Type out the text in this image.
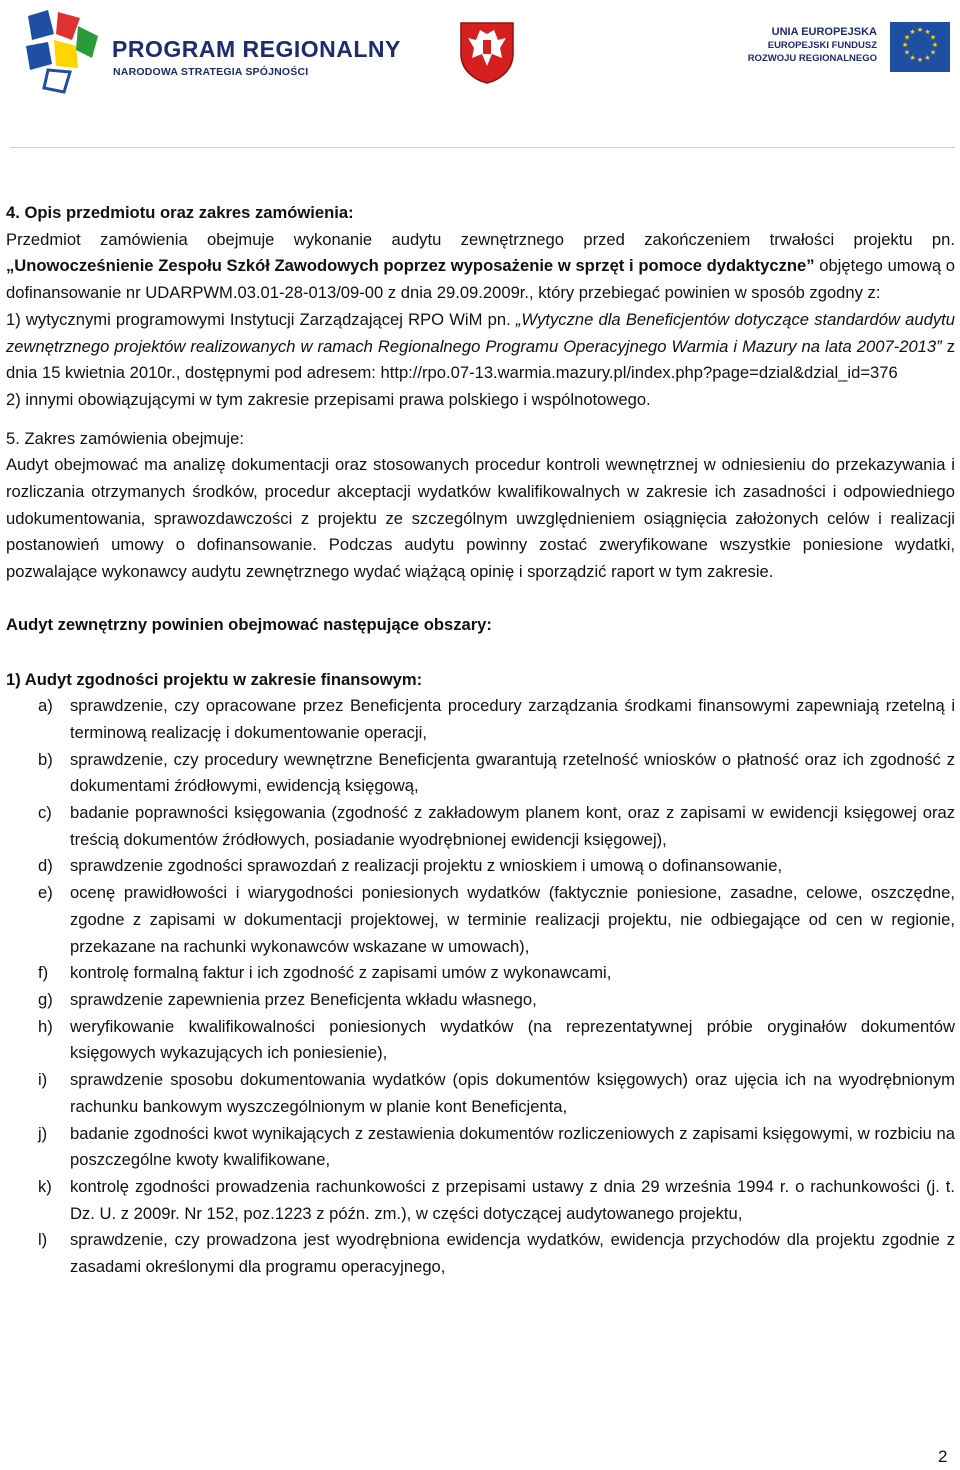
PROGRAM REGIONALNY
NARODOWA STRATEGIA SPÓJNOŚCI
UNIA EUROPEJSKA
EUROPEJSKI FUNDUSZ
ROZWOJU REGIONALNEGO
★ ★
★
★
★
★
★
★
★
★
★
★

4. Opis przedmiotu oraz zakres zamówienia:

Przedmiot zamówienia obejmuje wykonanie audytu zewnętrznego przed zakończeniem trwałości projektu pn. „Unowocześnienie Zespołu Szkół Zawodowych poprzez wyposażenie w sprzęt i pomoce dydaktyczne” objętego umową o dofinansowanie nr UDARPWM.03.01-28-013/09-00 z dnia 29.09.2009r., który przebiegać powinien w sposób zgodny z:

1) wytycznymi programowymi Instytucji Zarządzającej RPO WiM pn. „Wytyczne dla Beneficjentów dotyczące standardów audytu zewnętrznego projektów realizowanych w ramach Regionalnego Programu Operacyjnego Warmia i Mazury na lata 2007-2013” z dnia 15 kwietnia 2010r., dostępnymi pod adresem: http://rpo.07-13.warmia.mazury.pl/index.php?page=dzial&dzial_id=376

2) innymi obowiązującymi w tym zakresie przepisami prawa polskiego i wspólnotowego.

5. Zakres zamówienia obejmuje:

Audyt obejmować ma analizę dokumentacji oraz stosowanych procedur kontroli wewnętrznej w odniesieniu do przekazywania i rozliczania otrzymanych środków, procedur akceptacji wydatków kwalifikowalnych w zakresie ich zasadności i odpowiedniego udokumentowania, sprawozdawczości z projektu ze szczególnym uwzględnieniem osiągnięcia założonych celów i realizacji postanowień umowy o dofinansowanie. Podczas audytu powinny zostać zweryfikowane wszystkie poniesione wydatki, pozwalające wykonawcy audytu zewnętrznego wydać wiążącą opinię i sporządzić raport w tym zakresie.

Audyt zewnętrzny powinien obejmować następujące obszary:

1) Audyt zgodności projektu w zakresie finansowym:

a) sprawdzenie, czy opracowane przez Beneficjenta procedury zarządzania środkami finansowymi zapewniają rzetelną i terminową realizację i dokumentowanie operacji,
b) sprawdzenie, czy procedury wewnętrzne Beneficjenta gwarantują rzetelność wniosków o płatność oraz ich zgodność z dokumentami źródłowymi, ewidencją księgową,
c) badanie poprawności księgowania (zgodność z zakładowym planem kont, oraz z zapisami w ewidencji księgowej oraz treścią dokumentów źródłowych, posiadanie wyodrębnionej ewidencji księgowej),
d) sprawdzenie zgodności sprawozdań z realizacji projektu z wnioskiem i umową o dofinansowanie,
e) ocenę prawidłowości i wiarygodności poniesionych wydatków (faktycznie poniesione, zasadne, celowe, oszczędne, zgodne z zapisami w dokumentacji projektowej, w terminie realizacji projektu, nie odbiegające od cen w regionie, przekazane na rachunki wykonawców wskazane w umowach),
f) kontrolę formalną faktur i ich zgodność z zapisami umów z wykonawcami,
g) sprawdzenie zapewnienia przez Beneficjenta wkładu własnego,
h) weryfikowanie kwalifikowalności poniesionych wydatków (na reprezentatywnej próbie oryginałów dokumentów księgowych wykazujących ich poniesienie),
i) sprawdzenie sposobu dokumentowania wydatków (opis dokumentów księgowych) oraz ujęcia ich na wyodrębnionym rachunku bankowym wyszczególnionym w planie kont Beneficjenta,
j) badanie zgodności kwot wynikających z zestawienia dokumentów rozliczeniowych z zapisami księgowymi, w rozbiciu na poszczególne kwoty kwalifikowane,
k) kontrolę zgodności prowadzenia rachunkowości z przepisami ustawy z dnia 29 września 1994 r. o rachunkowości (j. t. Dz. U. z 2009r. Nr 152, poz.1223 z późn. zm.), w części dotyczącej audytowanego projektu,
l) sprawdzenie, czy prowadzona jest wyodrębniona ewidencja wydatków, ewidencja przychodów dla projektu zgodnie z zasadami określonymi dla programu operacyjnego,
2
